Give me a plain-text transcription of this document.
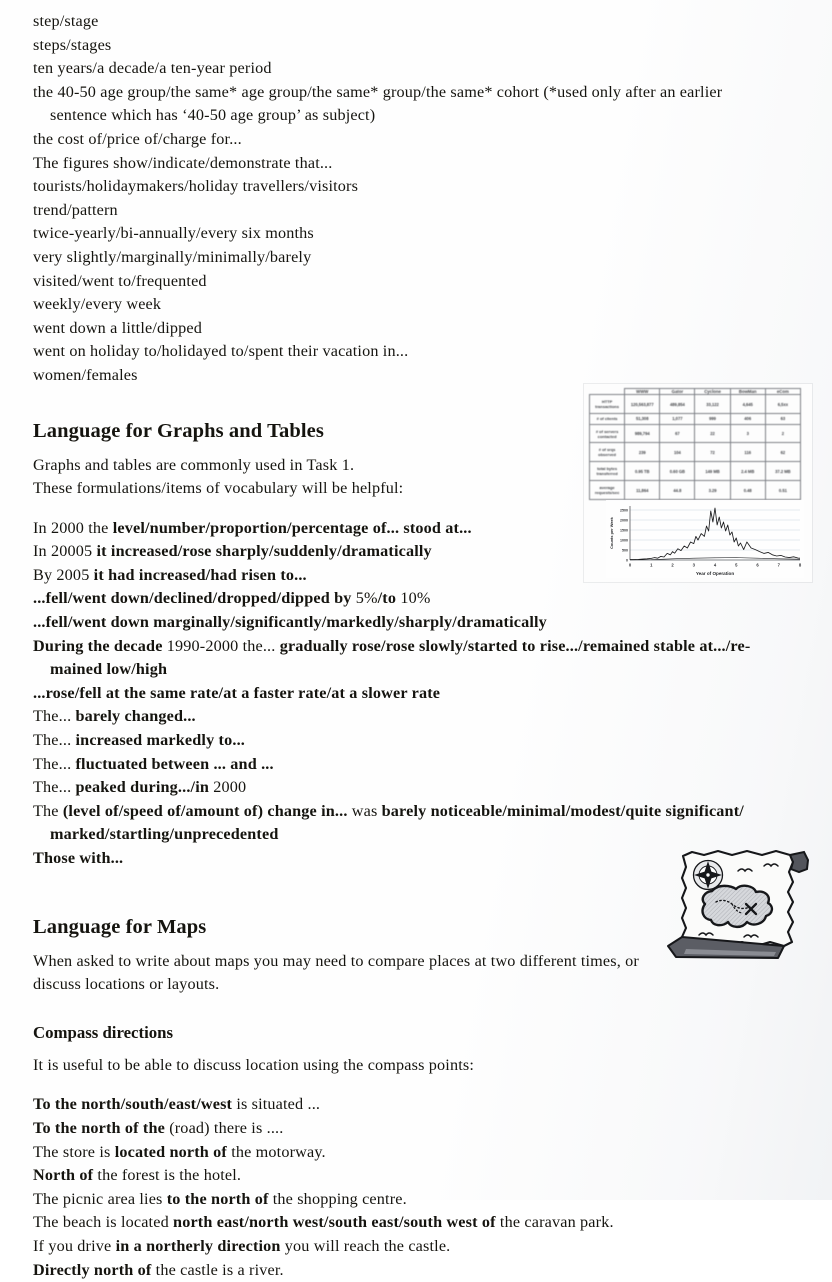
step/stage
steps/stages
ten years/a decade/a ten-year period
the 40-50 age group/the same* age group/the same* group/the same* cohort (*used only after an earlier
sentence which has ‘40-50 age group’ as subject)
the cost of/price of/charge for...
The figures show/indicate/demonstrate that...
tourists/holidaymakers/holiday travellers/visitors
trend/pattern
twice-yearly/bi-annually/every six months
very slightly/marginally/minimally/barely
visited/went to/frequented
weekly/every week
went down a little/dipped
went on holiday to/holidayed to/spent their vacation in...
women/females
Language for Graphs and Tables
Graphs and tables are commonly used in Task 1.
These formulations/items of vocabulary will be helpful:
In 2000 the level/number/proportion/percentage of... stood at...
In 20005 it increased/rose sharply/suddenly/dramatically
By 2005 it had increased/had risen to...
...fell/went down/declined/dropped/dipped by 5%/to 10%
...fell/went down marginally/significantly/markedly/sharply/dramatically
During the decade 1990-2000 the... gradually rose/rose slowly/started to rise.../remained stable at.../re-
mained low/high
...rose/fell at the same rate/at a faster rate/at a slower rate
The... barely changed...
The... increased markedly to...
The... fluctuated between ... and ...
The... peaked during.../in 2000
The (level of/speed of/amount of) change in... was barely noticeable/minimal/modest/quite significant/
marked/startling/unprecedented
Those with...
Language for Maps
When asked to write about maps you may need to compare places at two different times, or discuss locations or layouts.
Compass directions
It is useful to be able to discuss location using the compass points:
To the north/south/east/west is situated ...
To the north of the (road) there is ....
The store is located north of the motorway.
North of the forest is the hotel.
The picnic area lies to the north of the shopping centre.
The beach is located north east/north west/south east/south west of the caravan park.
If you drive in a northerly direction you will reach the castle.
Directly north of the castle is a river.
	WWW	Gator	Cyclone	BowMan	eCom
HTTP transactions	120,563,877	489,854	33,122	4,645	6,5xx
# of clients	51,308	1,077	999	406	63
# of servers contacted	989,794	67	22	3	2
# of srqs observed	239	104	72	116	62
total bytes transferred	0.95 TB	0.60 GB	149 MB	2.4 MB	37.2 MB
average requests/sec	11,864	44.8	3.29	0.48	0.51
0
500
1000
1500
2000
2500
0	1	2	3	4	5	6	7	8
Year of Operation
Counts per Week
